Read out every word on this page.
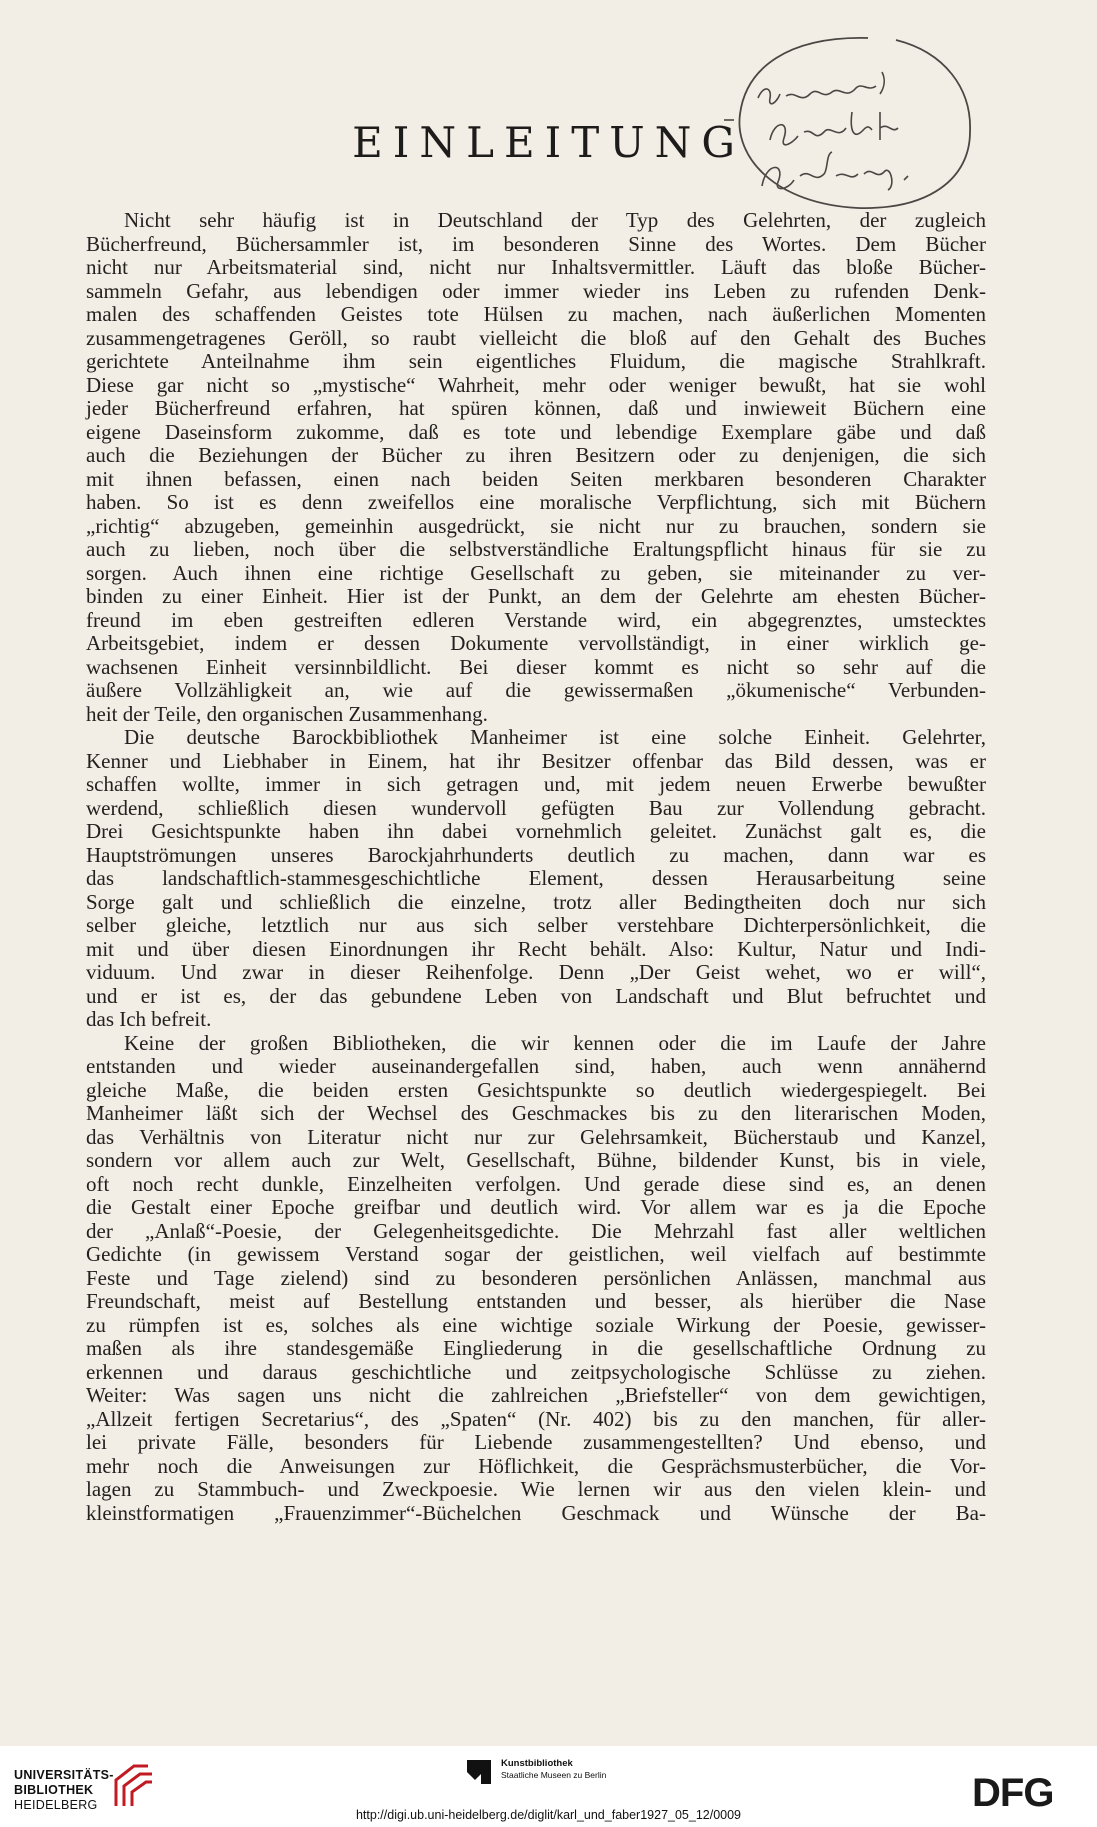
EINLEITUNG
Nicht sehr häufig ist in Deutschland der Typ des Gelehrten, der zugleich
Bücherfreund, Büchersammler ist, im besonderen Sinne des Wortes. Dem Bücher
nicht nur Arbeitsmaterial sind, nicht nur Inhaltsvermittler. Läuft das bloße Bücher-
sammeln Gefahr, aus lebendigen oder immer wieder ins Leben zu rufenden Denk-
malen des schaffenden Geistes tote Hülsen zu machen, nach äußerlichen Momenten
zusammengetragenes Geröll, so raubt vielleicht die bloß auf den Gehalt des Buches
gerichtete Anteilnahme ihm sein eigentliches Fluidum, die magische Strahlkraft.
Diese gar nicht so „mystische“ Wahrheit, mehr oder weniger bewußt, hat sie wohl
jeder Bücherfreund erfahren, hat spüren können, daß und inwieweit Büchern eine
eigene Daseinsform zukomme, daß es tote und lebendige Exemplare gäbe und daß
auch die Beziehungen der Bücher zu ihren Besitzern oder zu denjenigen, die sich
mit ihnen befassen, einen nach beiden Seiten merkbaren besonderen Charakter
haben. So ist es denn zweifellos eine moralische Verpflichtung, sich mit Büchern
„richtig“ abzugeben, gemeinhin ausgedrückt, sie nicht nur zu brauchen, sondern sie
auch zu lieben, noch über die selbstverständliche Eraltungspflicht hinaus für sie zu
sorgen. Auch ihnen eine richtige Gesellschaft zu geben, sie miteinander zu ver-
binden zu einer Einheit. Hier ist der Punkt, an dem der Gelehrte am ehesten Bücher-
freund im eben gestreiften edleren Verstande wird, ein abgegrenztes, umstecktes
Arbeitsgebiet, indem er dessen Dokumente vervollständigt, in einer wirklich ge-
wachsenen Einheit versinnbildlicht. Bei dieser kommt es nicht so sehr auf die
äußere Vollzähligkeit an, wie auf die gewissermaßen „ökumenische“ Verbunden-
heit der Teile, den organischen Zusammenhang.
Die deutsche Barockbibliothek Manheimer ist eine solche Einheit. Gelehrter,
Kenner und Liebhaber in Einem, hat ihr Besitzer offenbar das Bild dessen, was er
schaffen wollte, immer in sich getragen und, mit jedem neuen Erwerbe bewußter
werdend, schließlich diesen wundervoll gefügten Bau zur Vollendung gebracht.
Drei Gesichtspunkte haben ihn dabei vornehmlich geleitet. Zunächst galt es, die
Hauptströmungen unseres Barockjahrhunderts deutlich zu machen, dann war es
das landschaftlich-stammesgeschichtliche Element, dessen Herausarbeitung seine
Sorge galt und schließlich die einzelne, trotz aller Bedingtheiten doch nur sich
selber gleiche, letztlich nur aus sich selber verstehbare Dichterpersönlichkeit, die
mit und über diesen Einordnungen ihr Recht behält. Also: Kultur, Natur und Indi-
viduum. Und zwar in dieser Reihenfolge. Denn „Der Geist wehet, wo er will“,
und er ist es, der das gebundene Leben von Landschaft und Blut befruchtet und
das Ich befreit.
Keine der großen Bibliotheken, die wir kennen oder die im Laufe der Jahre
entstanden und wieder auseinandergefallen sind, haben, auch wenn annähernd
gleiche Maße, die beiden ersten Gesichtspunkte so deutlich wiedergespiegelt. Bei
Manheimer läßt sich der Wechsel des Geschmackes bis zu den literarischen Moden,
das Verhältnis von Literatur nicht nur zur Gelehrsamkeit, Bücherstaub und Kanzel,
sondern vor allem auch zur Welt, Gesellschaft, Bühne, bildender Kunst, bis in viele,
oft noch recht dunkle, Einzelheiten verfolgen. Und gerade diese sind es, an denen
die Gestalt einer Epoche greifbar und deutlich wird. Vor allem war es ja die Epoche
der „Anlaß“-Poesie, der Gelegenheitsgedichte. Die Mehrzahl fast aller weltlichen
Gedichte (in gewissem Verstand sogar der geistlichen, weil vielfach auf bestimmte
Feste und Tage zielend) sind zu besonderen persönlichen Anlässen, manchmal aus
Freundschaft, meist auf Bestellung entstanden und besser, als hierüber die Nase
zu rümpfen ist es, solches als eine wichtige soziale Wirkung der Poesie, gewisser-
maßen als ihre standesgemäße Eingliederung in die gesellschaftliche Ordnung zu
erkennen und daraus geschichtliche und zeitpsychologische Schlüsse zu ziehen.
Weiter: Was sagen uns nicht die zahlreichen „Briefsteller“ von dem gewichtigen,
„Allzeit fertigen Secretarius“, des „Spaten“ (Nr. 402) bis zu den manchen, für aller-
lei private Fälle, besonders für Liebende zusammengestellten? Und ebenso, und
mehr noch die Anweisungen zur Höflichkeit, die Gesprächsmusterbücher, die Vor-
lagen zu Stammbuch- und Zweckpoesie. Wie lernen wir aus den vielen klein- und
kleinstformatigen „Frauenzimmer“-Büchelchen Geschmack und Wünsche der Ba-
UNIVERSITÄTS-
BIBLIOTHEK
HEIDELBERG
Kunstbibliothek
Staatliche Museen zu Berlin	DFG
http://digi.ub.uni-heidelberg.de/diglit/karl_und_faber1927_05_12/0009
